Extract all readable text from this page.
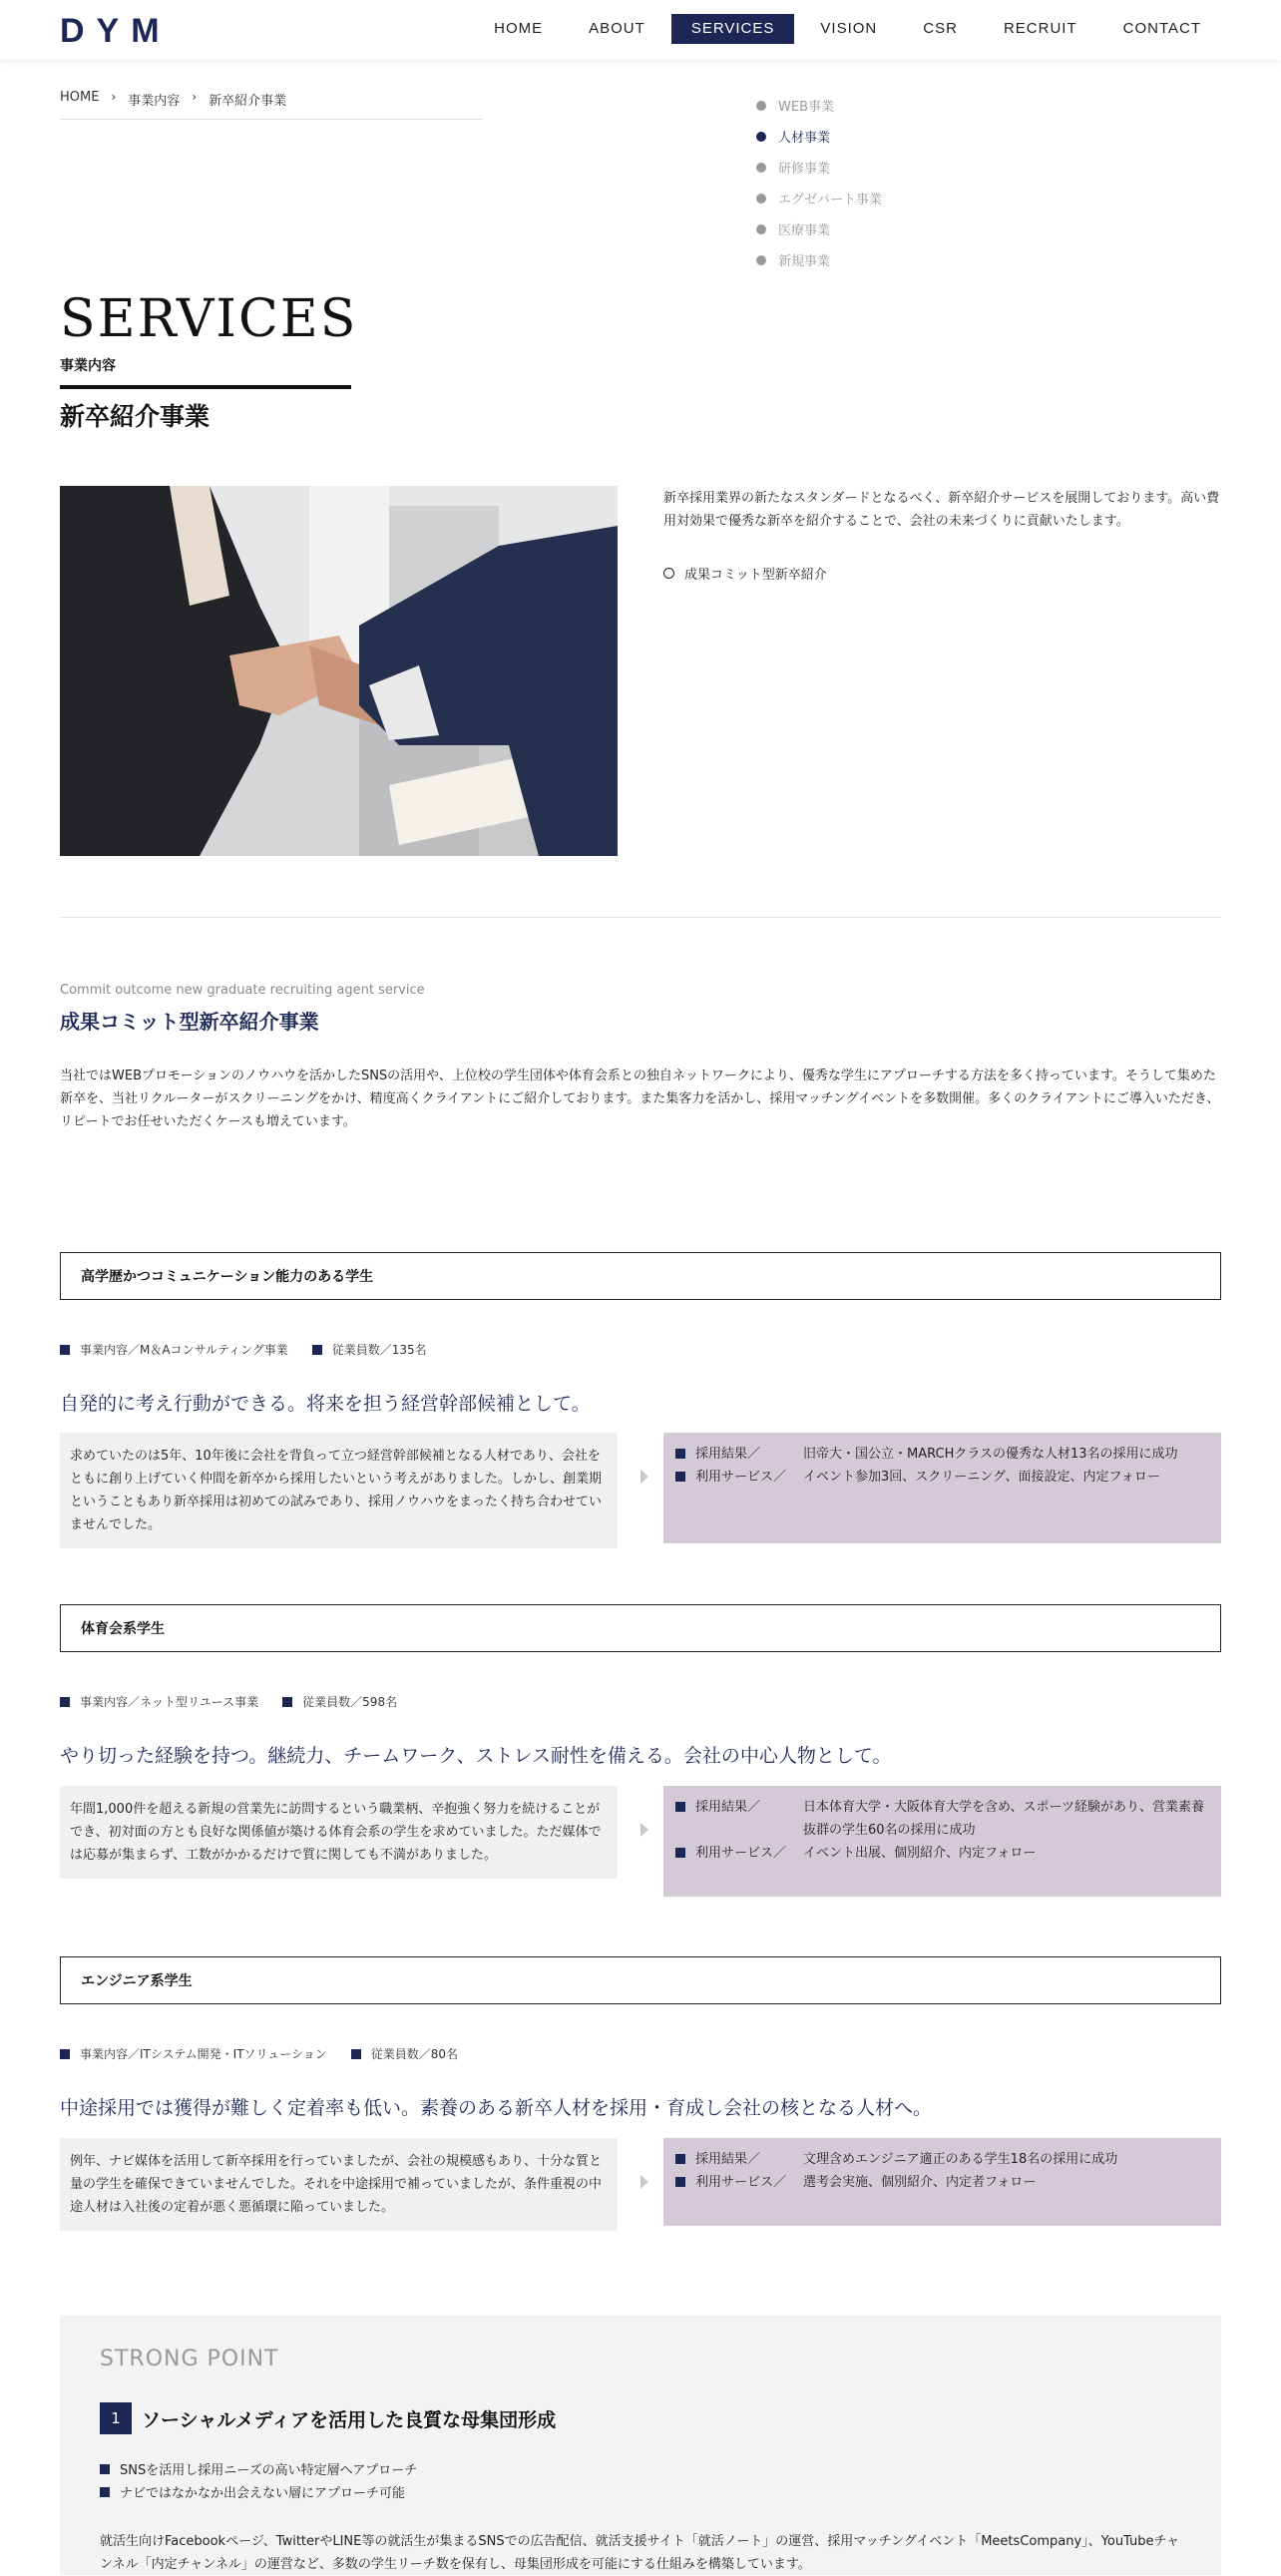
DYM	HOME	ABOUT	SERVICES	VISION	CSR	RECRUIT	CONTACT
HOME › 事業内容 › 新卒紹介事業	WEB事業
人材事業
研修事業
エグゼパート事業
医療事業
新規事業
SERVICES
事業内容
新卒紹介事業
新卒採用業界の新たなスタンダードとなるべく、新卒紹介サービスを展開しております。高い費用対効果で優秀な新卒を紹介することで、会社の未来づくりに貢献いたします。
成果コミット型新卒紹介
Commit outcome new graduate recruiting agent service
成果コミット型新卒紹介事業
当社ではWEBプロモーションのノウハウを活かしたSNSの活用や、上位校の学生団体や体育会系との独自ネットワークにより、優秀な学生にアプローチする方法を多く持っています。そうして集めた新卒を、当社リクルーターがスクリーニングをかけ、精度高くクライアントにご紹介しております。また集客力を活かし、採用マッチングイベントを多数開催。多くのクライアントにご導入いただき、リピートでお任せいただくケースも増えています。
高学歴かつコミュニケーション能力のある学生
事業内容／M＆Aコンサルティング事業	従業員数／135名
自発的に考え行動ができる。将来を担う経営幹部候補として。
求めていたのは5年、10年後に会社を背負って立つ経営幹部候補となる人材であり、会社をともに創り上げていく仲間を新卒から採用したいという考えがありました。しかし、創業期ということもあり新卒採用は初めての試みであり、採用ノウハウをまったく持ち合わせていませんでした。
採用結果／	旧帝大・国公立・MARCHクラスの優秀な人材13名の採用に成功
利用サービス／	イベント参加3回、スクリーニング、面接設定、内定フォロー
体育会系学生
事業内容／ネット型リユース事業	従業員数／598名
やり切った経験を持つ。継続力、チームワーク、ストレス耐性を備える。会社の中心人物として。
年間1,000件を超える新規の営業先に訪問するという職業柄、辛抱強く努力を続けることができ、初対面の方とも良好な関係値が築ける体育会系の学生を求めていました。ただ媒体では応募が集まらず、工数がかかるだけで質に関しても不満がありました。
採用結果／	日本体育大学・大阪体育大学を含め、スポーツ経験があり、営業素養抜群の学生60名の採用に成功
利用サービス／	イベント出展、個別紹介、内定フォロー
エンジニア系学生
事業内容／ITシステム開発・ITソリューション	従業員数／80名
中途採用では獲得が難しく定着率も低い。素養のある新卒人材を採用・育成し会社の核となる人材へ。
例年、ナビ媒体を活用して新卒採用を行っていましたが、会社の規模感もあり、十分な質と量の学生を確保できていませんでした。それを中途採用で補っていましたが、条件重視の中途人材は入社後の定着が悪く悪循環に陥っていました。
採用結果／	文理含めエンジニア適正のある学生18名の採用に成功
利用サービス／	選考会実施、個別紹介、内定者フォロー
STRONG POINT
1	ソーシャルメディアを活用した良質な母集団形成
SNSを活用し採用ニーズの高い特定層へアプローチ
ナビではなかなか出会えない層にアプローチ可能
就活生向けFacebookページ、TwitterやLINE等の就活生が集まるSNSでの広告配信、就活支援サイト「就活ノート」の運営、採用マッチングイベント「MeetsCompany」、YouTubeチャンネル「内定チャンネル」の運営など、多数の学生リーチ数を保有し、母集団形成を可能にする仕組みを構築しています。
